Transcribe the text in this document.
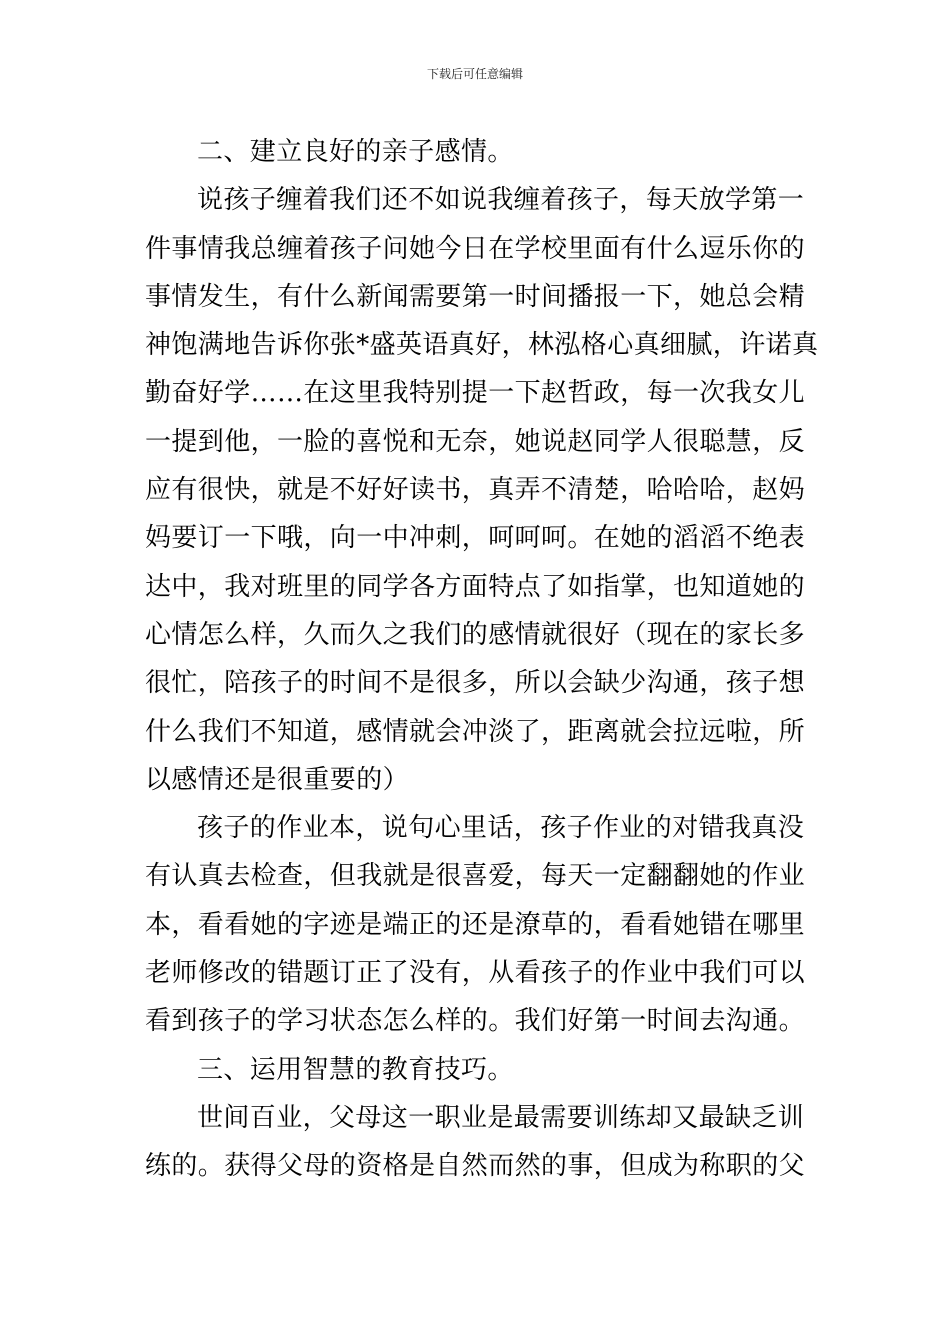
下载后可任意编辑
二、建立良好的亲子感情。
说孩子缠着我们还不如说我缠着孩子，每天放学第一
件事情我总缠着孩子问她今日在学校里面有什么逗乐你的
事情发生，有什么新闻需要第一时间播报一下，她总会精
神饱满地告诉你张*盛英语真好，林泓格心真细腻，许诺真
勤奋好学……在这里我特别提一下赵哲政，每一次我女儿
一提到他，一脸的喜悦和无奈，她说赵同学人很聪慧，反
应有很快，就是不好好读书，真弄不清楚，哈哈哈，赵妈
妈要订一下哦，向一中冲刺，呵呵呵。在她的滔滔不绝表
达中，我对班里的同学各方面特点了如指掌，也知道她的
心情怎么样，久而久之我们的感情就很好（现在的家长多
很忙，陪孩子的时间不是很多，所以会缺少沟通，孩子想
什么我们不知道，感情就会冲淡了，距离就会拉远啦，所
以感情还是很重要的）
孩子的作业本，说句心里话，孩子作业的对错我真没
有认真去检查，但我就是很喜爱，每天一定翻翻她的作业
本，看看她的字迹是端正的还是潦草的，看看她错在哪里
老师修改的错题订正了没有，从看孩子的作业中我们可以
看到孩子的学习状态怎么样的。我们好第一时间去沟通。
三、运用智慧的教育技巧。
世间百业，父母这一职业是最需要训练却又最缺乏训
练的。获得父母的资格是自然而然的事，但成为称职的父
